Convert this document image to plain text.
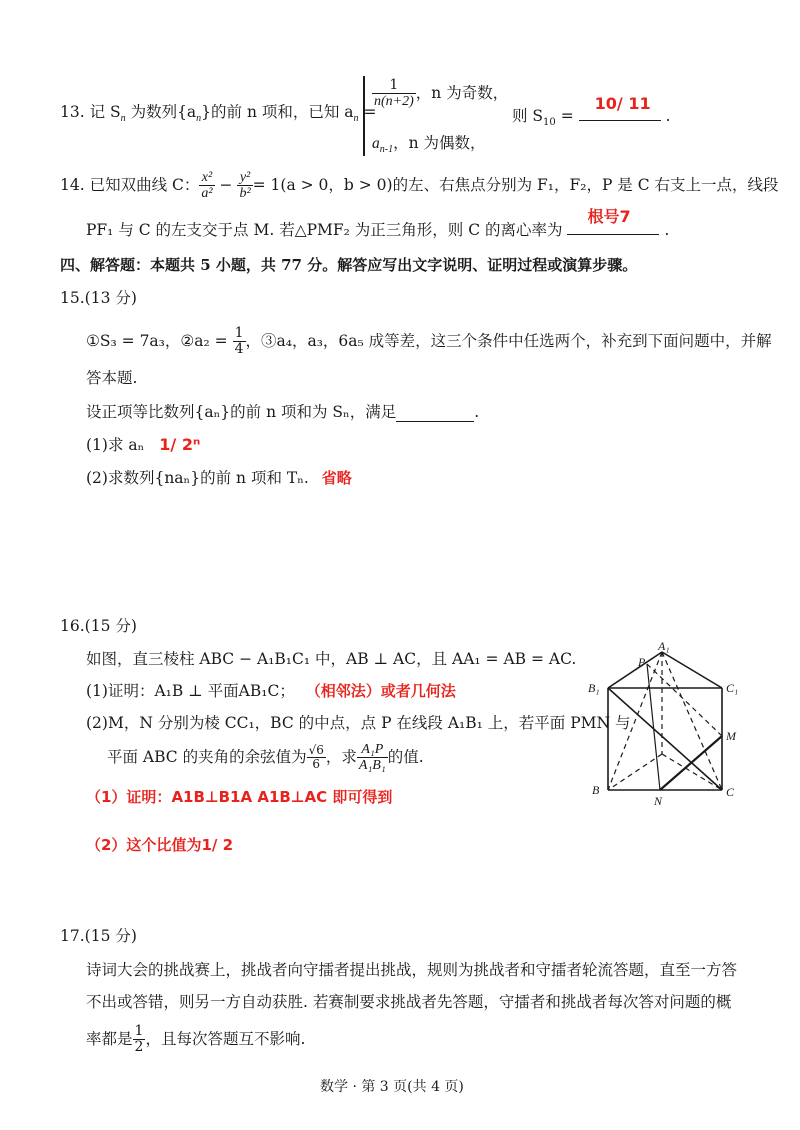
13. 记 $S_n$ 为数列$\{a_n\}$的前 n 项和，已知 $a_n$ =
$\frac{1}{n(n+2)}$ ，n 为奇数，
$a_{n-1}$，n 为偶数，
则 $S_{10}$ =
10/ 11
.
14. 已知双曲线 C： $\frac{\text{x²}}{\text{a²}} - \frac{\text{y²}}{\text{b²}} = 1(a > 0$，b > 0)的左、右焦点分别为 F₁，F₂，P 是 C 右支上一点，线段
PF₁ 与 C 的左支交于点 M. 若△PMF₂ 为正三角形，则 C 的离心率为
根号7
.
四、解答题：本题共 5 小题，共 77 分。解答应写出文字说明、证明过程或演算步骤。
15.(13 分)
①S₃ = 7a₃，②a₂ = $\frac{1}{4}$ ，③a₄，a₃，6a₅ 成等差，这三个条件中任选两个，补充到下面问题中，并解
答本题.
设正项等比数列{aₙ}的前 n 项和为 Sₙ，满足	.
(1)求 aₙ 1/ 2ⁿ
(2)求数列{naₙ}的前 n 项和 Tₙ. 省略
16.(15 分)
如图，直三棱柱 ABC − A₁B₁C₁ 中，AB ⊥ AC，且 AA₁ = AB = AC.
(1)证明：A₁B ⊥ 平面AB₁C； （相邻法）或者几何法
(2)M，N 分别为棱 CC₁，BC 的中点，点 P 在线段 A₁B₁ 上，若平面 PMN 与
平面 ABC 的夹角的余弦值为 $\frac{√6}{6}$ ，求 $\frac{\text{A₁P}}{\text{A₁B₁}}$ 的值.
（1）证明：A1B⊥B1A A1B⊥AC 即可得到
（2）这个比值为1/ 2
A₁
P
B₁	C₁
M
B
N
C
17.(15 分)
诗词大会的挑战赛上，挑战者向守擂者提出挑战，规则为挑战者和守擂者轮流答题，直至一方答
不出或答错，则另一方自动获胜. 若赛制要求挑战者先答题，守擂者和挑战者每次答对问题的概
率都是 $\frac{1}{2}$ ，且每次答题互不影响.
数学 · 第 3 页(共 4 页)
